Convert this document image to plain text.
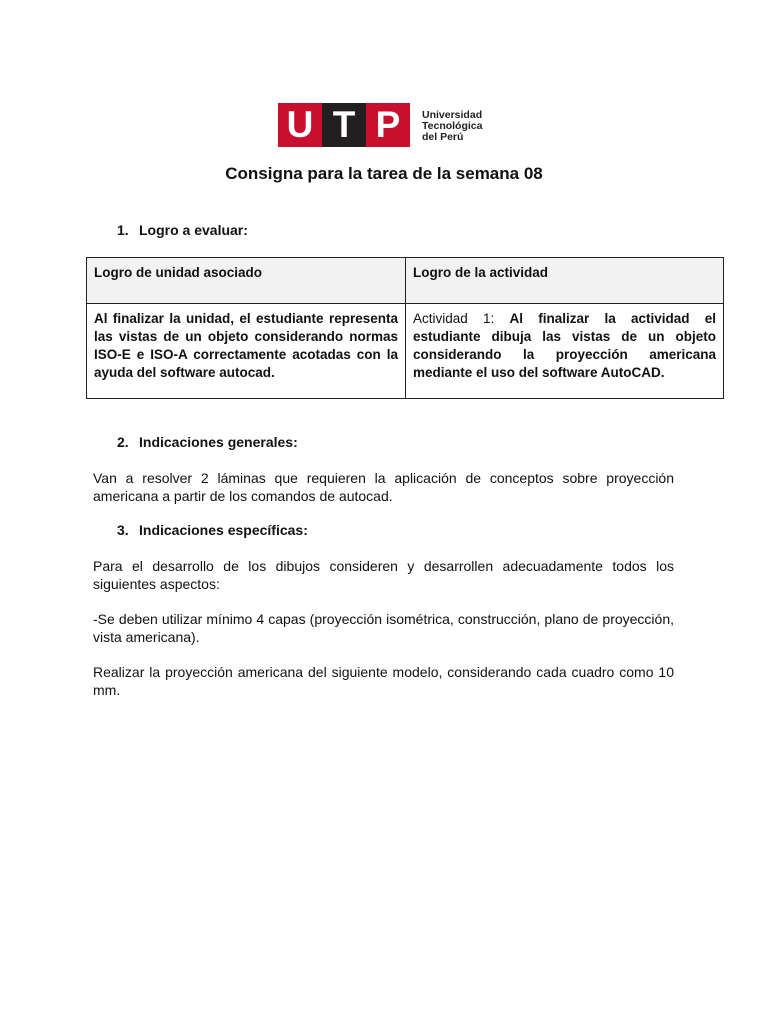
U T P	Universidad
Tecnológica
del Perú
Consigna para la tarea de la semana 08
1. Logro a evaluar:
Logro de unidad asociado	Logro de la actividad
Al finalizar la unidad, el estudiante representa las vistas de un objeto considerando normas ISO-E e ISO-A correctamente acotadas con la ayuda del software autocad.	Actividad 1: Al finalizar la actividad el estudiante dibuja las vistas de un objeto considerando la proyección americana mediante el uso del software AutoCAD.
2. Indicaciones generales:
Van a resolver 2 láminas que requieren la aplicación de conceptos sobre proyección americana a partir de los comandos de autocad.
3. Indicaciones específicas:
Para el desarrollo de los dibujos consideren y desarrollen adecuadamente todos los siguientes aspectos:
-Se deben utilizar mínimo 4 capas (proyección isométrica, construcción, plano de proyección, vista americana).
Realizar la proyección americana del siguiente modelo, considerando cada cuadro como 10 mm.
